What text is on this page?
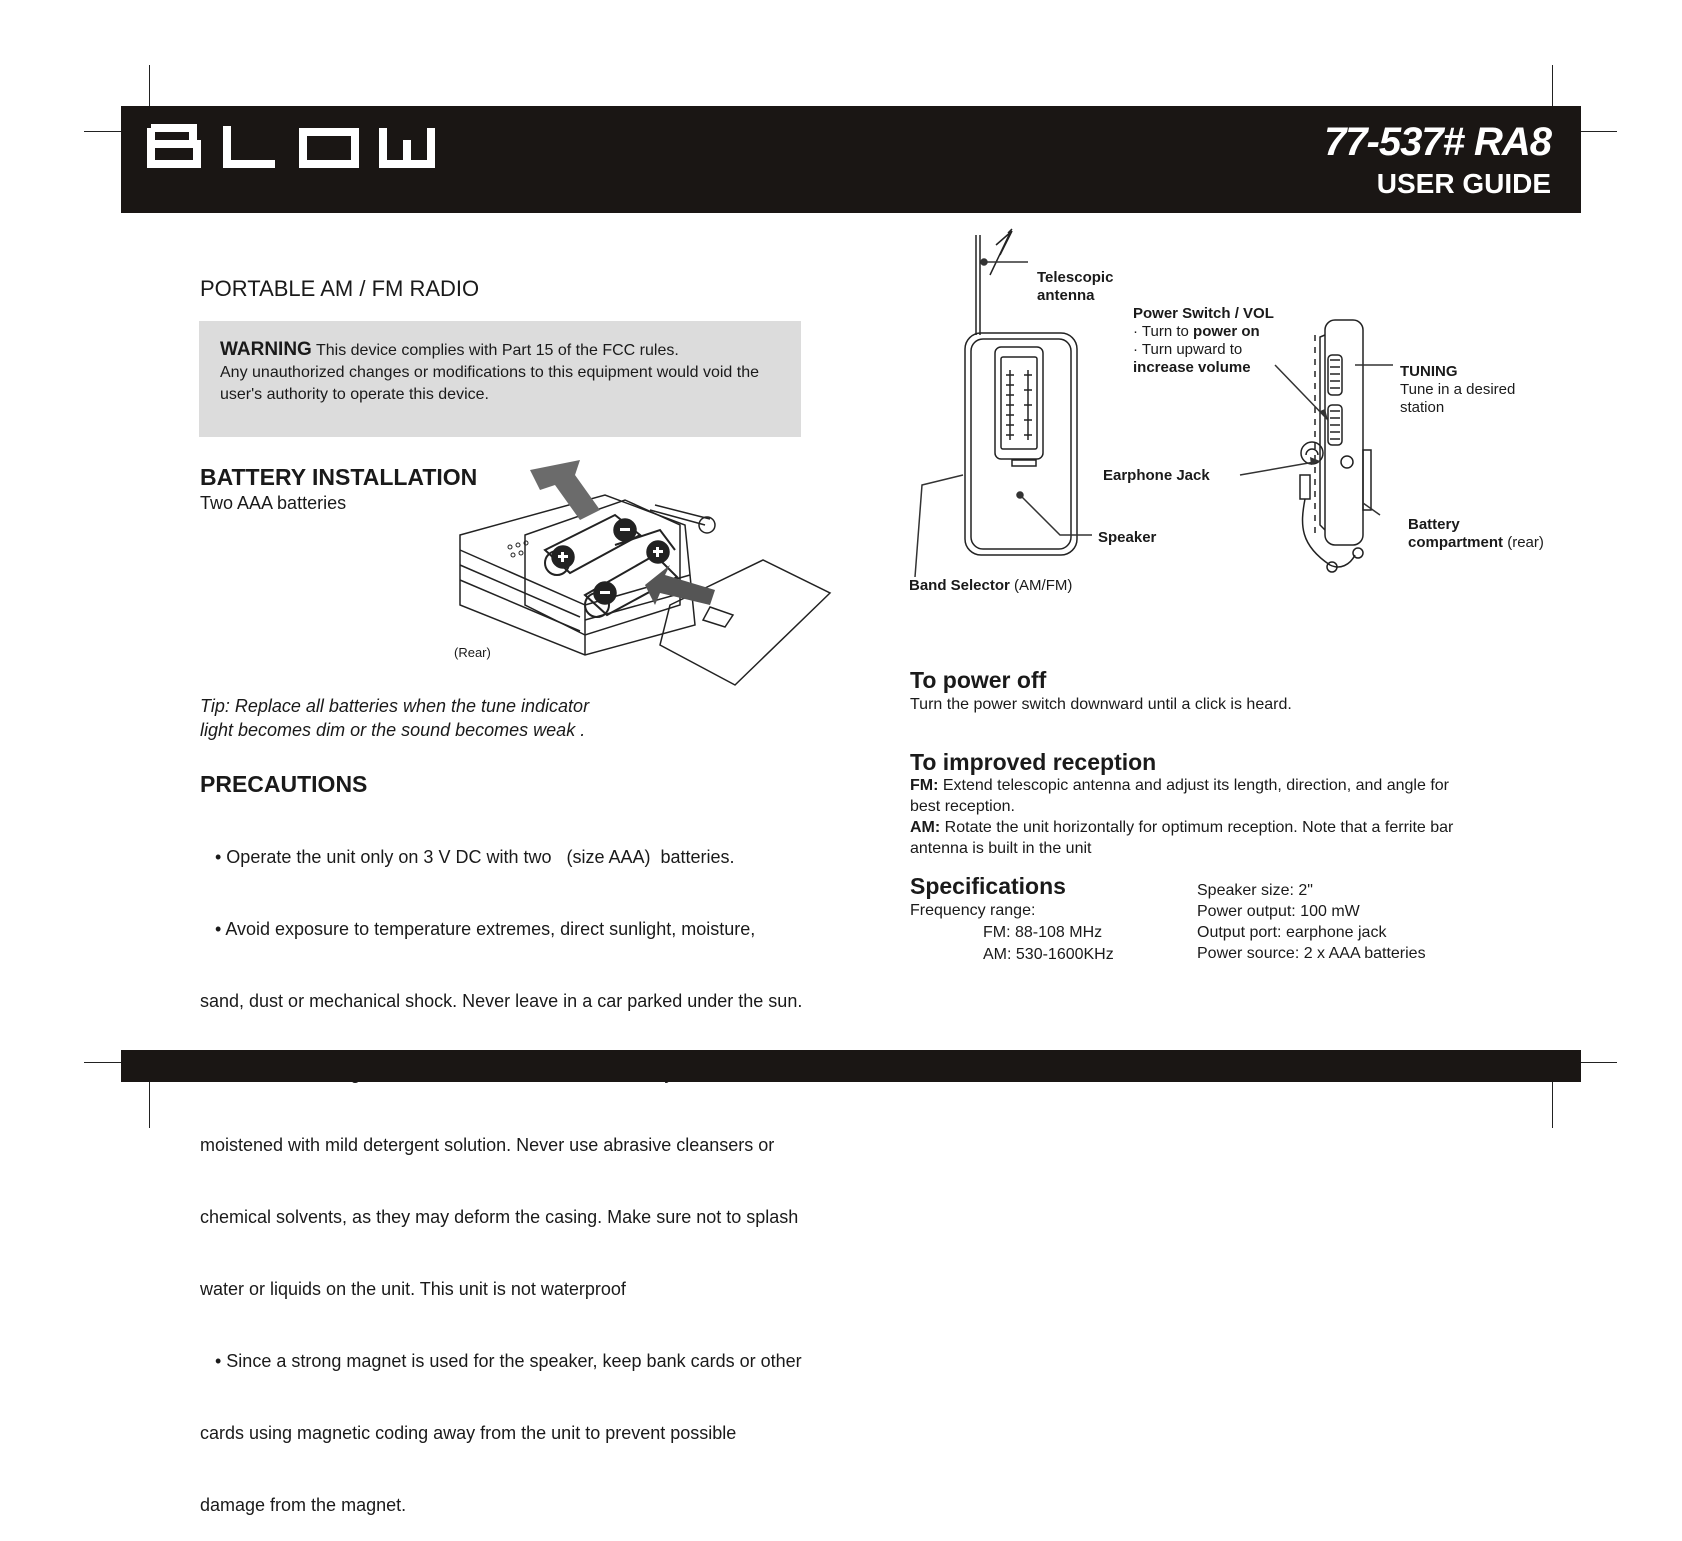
77-537# RA8
USER GUIDE
PORTABLE AM / FM RADIO
WARNING This device complies with Part 15 of the FCC rules.
Any unauthorized changes or modifications to this equipment would void the
user's authority to operate this device.
BATTERY INSTALLATION
Two AAA batteries
(Rear)
Tip: Replace all batteries when the tune indicator
light becomes dim or the sound becomes weak .
PRECAUTIONS

• Operate the unit only on 3 V DC with two   (size AAA)  batteries.

• Avoid exposure to temperature extremes, direct sunlight, moisture,

sand, dust or mechanical shock. Never leave in a car parked under the sun.

moistened with mild detergent solution. Never use abrasive cleansers or

chemical solvents, as they may deform the casing. Make sure not to splash

water or liquids on the unit. This unit is not waterproof

• Since a strong magnet is used for the speaker, keep bank cards or other

cards using magnetic coding away from the unit to prevent possible

damage from the magnet.

Telescopic
antenna
Power Switch / VOL
· Turn to power on
· Turn upward to
increase volume	TUNING
Tune in a desired
station
Earphone Jack
Speaker
Battery
compartment (rear)
Band Selector (AM/FM)
To power off
Turn the power switch downward until a click is heard.
To improved reception
FM: Extend telescopic antenna and adjust its length, direction, and angle for
best reception.
AM: Rotate the unit horizontally for optimum reception. Note that a ferrite bar
antenna is built in the unit
Specifications
Frequency range:
FM: 88-108 MHz
AM: 530-1600KHz
Speaker size: 2"
Power output: 100 mW
Output port: earphone jack
Power source: 2 x AAA batteries
